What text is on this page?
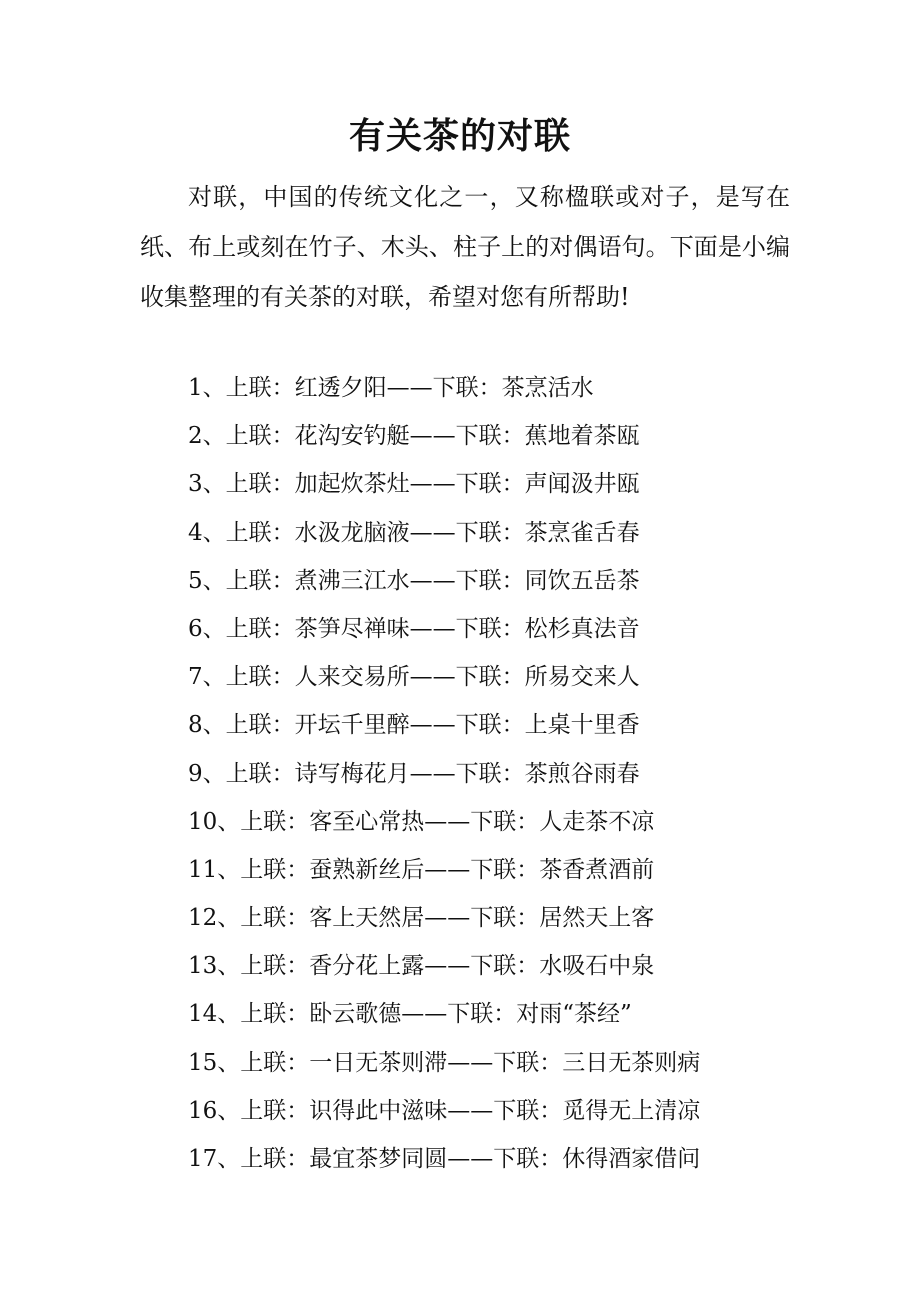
有关茶的对联

对联，中国的传统文化之一，又称楹联或对子，是写在纸、布上或刻在竹子、木头、柱子上的对偶语句。下面是小编收集整理的有关茶的对联，希望对您有所帮助!

1、上联：红透夕阳——下联：茶烹活水
2、上联：花沟安钓艇——下联：蕉地着茶瓯
3、上联：加起炊茶灶——下联：声闻汲井瓯
4、上联：水汲龙脑液——下联：茶烹雀舌春
5、上联：煮沸三江水——下联：同饮五岳茶
6、上联：茶笋尽禅味——下联：松杉真法音
7、上联：人来交易所——下联：所易交来人
8、上联：开坛千里醉——下联：上桌十里香
9、上联：诗写梅花月——下联：茶煎谷雨春
10、上联：客至心常热——下联：人走茶不凉
11、上联：蚕熟新丝后——下联：茶香煮酒前
12、上联：客上天然居——下联：居然天上客
13、上联：香分花上露——下联：水吸石中泉
14、上联：卧云歌德——下联：对雨“茶经”
15、上联：一日无茶则滞——下联：三日无茶则病
16、上联：识得此中滋味——下联：觅得无上清凉
17、上联：最宜茶梦同圆——下联：休得酒家借问
